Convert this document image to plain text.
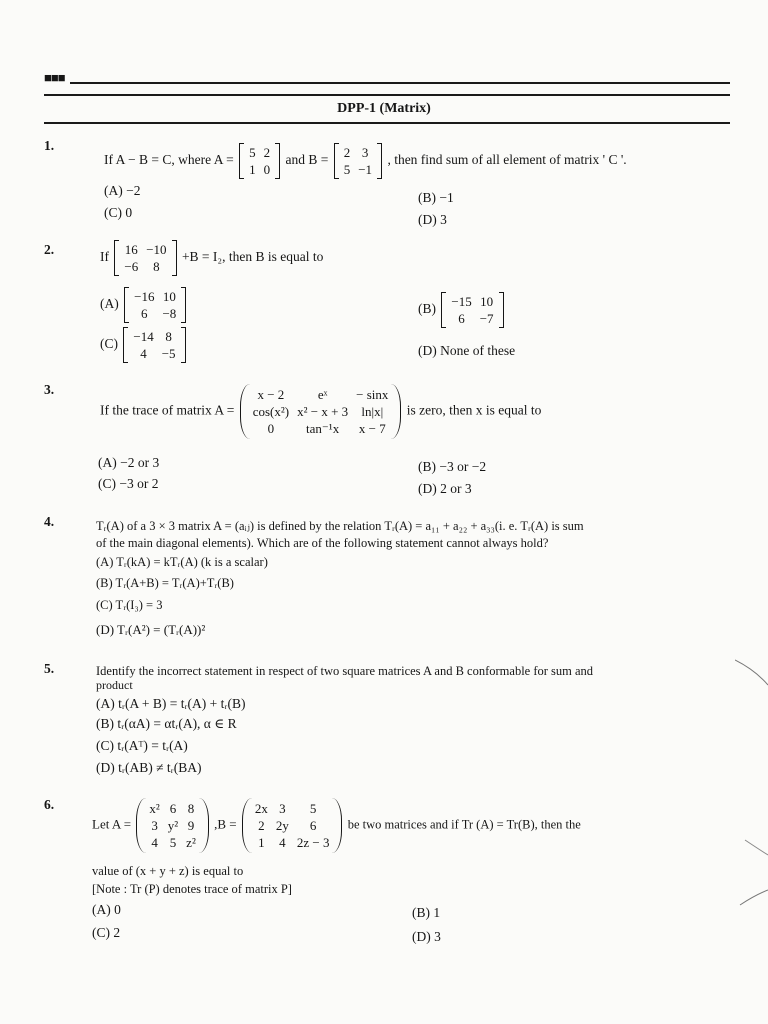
■■■
DPP-1 (Matrix)
1.
If A − B = C, where A = 5	2
1	0
and B = 2	3
5	−1
, then find sum of all element of matrix ' C '.
(A) −2	(B) −1
(C) 0	(D) 3
2.	If 16	−10
−6	8
+B = I₂, then B is equal to
(A) −16	10
6	−8	(B) −15	10
6	−7
(C) −14	8
4	−5	(D) None of these
3.
If the trace of matrix A =
x − 2	eˣ	− sinx
cos(x²)	x² − x + 3	ln|x|
0	tan⁻¹x	x − 7
is zero, then x is equal to
(A) −2 or 3	(B) −3 or −2
(C) −3 or 2	(D) 2 or 3
4.	Tᵣ(A) of a 3 × 3 matrix A = (aᵢⱼ) is defined by the relation Tᵣ(A) = a₁₁ + a₂₂ + a₃₃(i. e. Tᵣ(A) is sum
of the main diagonal elements). Which are of the following statement cannot always hold?
(A) Tᵣ(kA) = kTᵣ(A) (k is a scalar)
(B) Tᵣ(A+B) = Tᵣ(A)+Tᵣ(B)
(C) Tᵣ(I₃) = 3
(D) Tᵣ(A²) = (Tᵣ(A))²
5.	Identify the incorrect statement in respect of two square matrices A and B conformable for sum and
product
(A) tᵣ(A + B) = tᵣ(A) + tᵣ(B)
(B) tᵣ(αA) = αtᵣ(A), α ∈ R
(C) tᵣ(Aᵀ) = tᵣ(A)
(D) tᵣ(AB) ≠ tᵣ(BA)
6.
Let A =
x²	6	8
3	y²	9
4	5	z²
,B =
2x	3	5
2	2y	6
1	4	2z − 3
be two matrices and if Tr (A) = Tr(B), then the
value of (x + y + z) is equal to
[Note : Tr (P) denotes trace of matrix P]
(A) 0	(B) 1
(C) 2	(D) 3
